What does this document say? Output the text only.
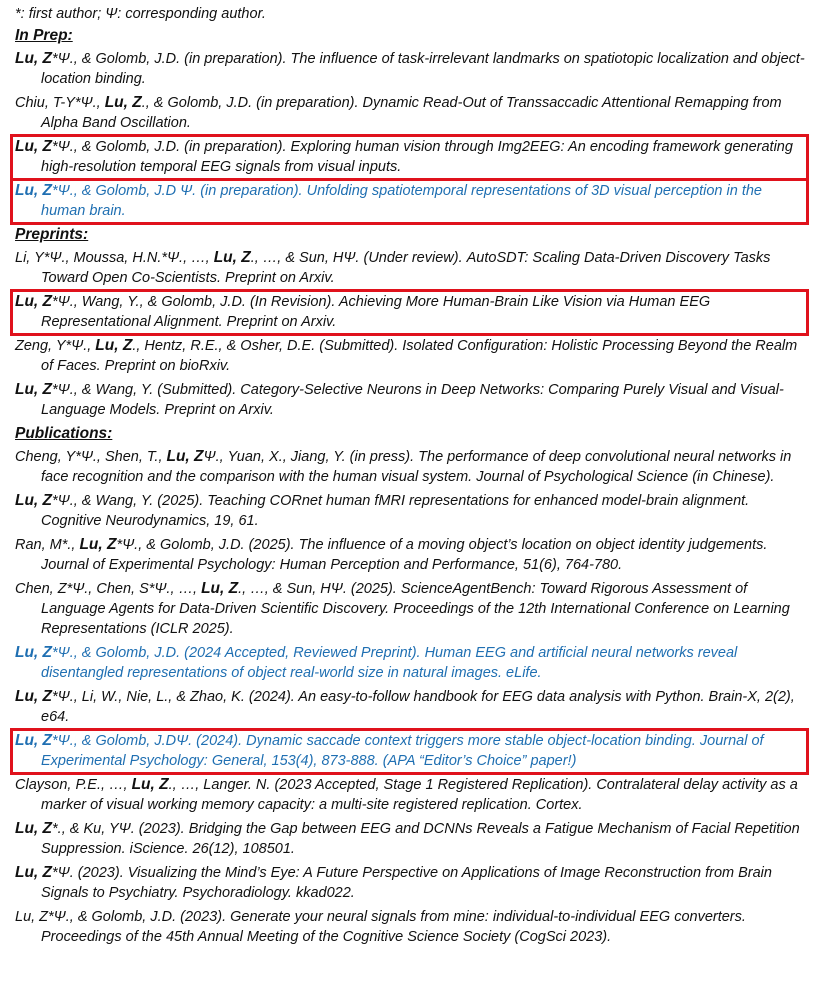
*: first author; Ψ: corresponding author.
In Prep:
Lu, Z*Ψ., & Golomb, J.D. (in preparation). The influence of task-irrelevant landmarks on spatiotopic localization and object-location binding.
Chiu, T-Y*Ψ., Lu, Z., & Golomb, J.D. (in preparation). Dynamic Read-Out of Transsaccadic Attentional Remapping from Alpha Band Oscillation.
Lu, Z*Ψ., & Golomb, J.D. (in preparation). Exploring human vision through Img2EEG: An encoding framework generating high-resolution temporal EEG signals from visual inputs.
Lu, Z*Ψ., & Golomb, J.D Ψ. (in preparation). Unfolding spatiotemporal representations of 3D visual perception in the human brain.
Preprints:
Li, Y*Ψ., Moussa, H.N.*Ψ., …, Lu, Z., …, & Sun, HΨ. (Under review). AutoSDT: Scaling Data-Driven Discovery Tasks Toward Open Co-Scientists. Preprint on Arxiv.
Lu, Z*Ψ., Wang, Y., & Golomb, J.D. (In Revision). Achieving More Human-Brain Like Vision via Human EEG Representational Alignment. Preprint on Arxiv.
Zeng, Y*Ψ., Lu, Z., Hentz, R.E., & Osher, D.E. (Submitted). Isolated Configuration: Holistic Processing Beyond the Realm of Faces. Preprint on bioRxiv.
Lu, Z*Ψ., & Wang, Y. (Submitted). Category-Selective Neurons in Deep Networks: Comparing Purely Visual and Visual-Language Models. Preprint on Arxiv.
Publications:
Cheng, Y*Ψ., Shen, T., Lu, ZΨ., Yuan, X., Jiang, Y. (in press). The performance of deep convolutional neural networks in face recognition and the comparison with the human visual system. Journal of Psychological Science (in Chinese).
Lu, Z*Ψ., & Wang, Y. (2025). Teaching CORnet human fMRI representations for enhanced model-brain alignment. Cognitive Neurodynamics, 19, 61.
Ran, M*., Lu, Z*Ψ., & Golomb, J.D. (2025). The influence of a moving object’s location on object identity judgements. Journal of Experimental Psychology: Human Perception and Performance, 51(6), 764-780.
Chen, Z*Ψ., Chen, S*Ψ., …, Lu, Z., …, & Sun, HΨ. (2025). ScienceAgentBench: Toward Rigorous Assessment of Language Agents for Data-Driven Scientific Discovery. Proceedings of the 12th International Conference on Learning Representations (ICLR 2025).
Lu, Z*Ψ., & Golomb, J.D. (2024 Accepted, Reviewed Preprint). Human EEG and artificial neural networks reveal disentangled representations of object real-world size in natural images. eLife.
Lu, Z*Ψ., Li, W., Nie, L., & Zhao, K. (2024). An easy-to-follow handbook for EEG data analysis with Python. Brain-X, 2(2), e64.
Lu, Z*Ψ., & Golomb, J.DΨ. (2024). Dynamic saccade context triggers more stable object-location binding. Journal of Experimental Psychology: General, 153(4), 873-888. (APA “Editor’s Choice” paper!)
Clayson, P.E., …, Lu, Z., …, Langer. N. (2023 Accepted, Stage 1 Registered Replication). Contralateral delay activity as a marker of visual working memory capacity: a multi-site registered replication. Cortex.
Lu, Z*., & Ku, YΨ. (2023). Bridging the Gap between EEG and DCNNs Reveals a Fatigue Mechanism of Facial Repetition Suppression. iScience. 26(12), 108501.
Lu, Z*Ψ. (2023). Visualizing the Mind’s Eye: A Future Perspective on Applications of Image Reconstruction from Brain Signals to Psychiatry. Psychoradiology. kkad022.
Lu, Z*Ψ., & Golomb, J.D. (2023). Generate your neural signals from mine: individual-to-individual EEG converters. Proceedings of the 45th Annual Meeting of the Cognitive Science Society (CogSci 2023).
